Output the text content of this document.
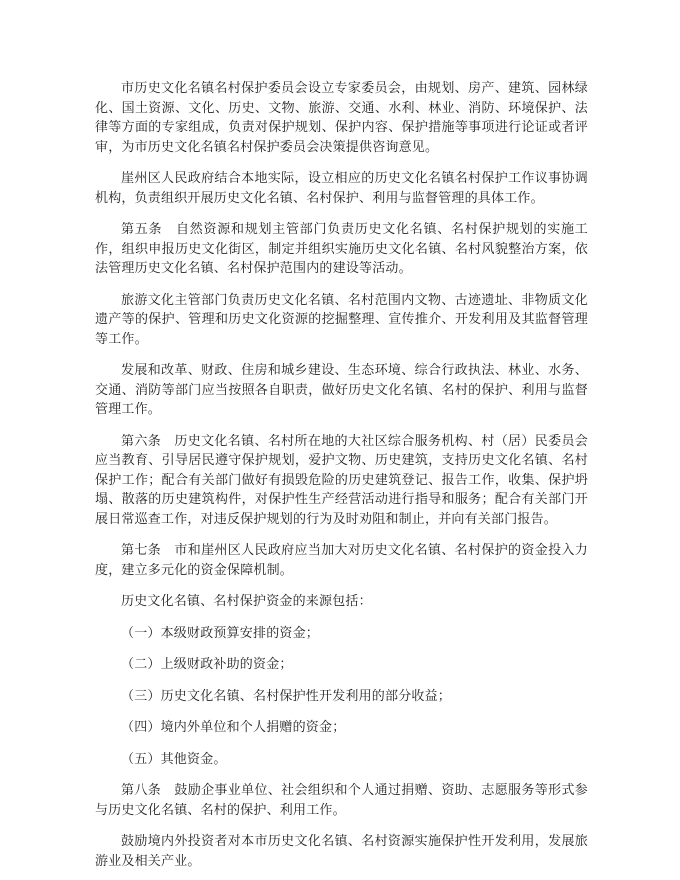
市历史文化名镇名村保护委员会设立专家委员会，由规划、房产、建筑、园林绿化、国土资源、文化、历史、文物、旅游、交通、水利、林业、消防、环境保护、法律等方面的专家组成，负责对保护规划、保护内容、保护措施等事项进行论证或者评审，为市历史文化名镇名村保护委员会决策提供咨询意见。

崖州区人民政府结合本地实际，设立相应的历史文化名镇名村保护工作议事协调机构，负责组织开展历史文化名镇、名村保护、利用与监督管理的具体工作。

第五条　自然资源和规划主管部门负责历史文化名镇、名村保护规划的实施工作，组织申报历史文化街区，制定并组织实施历史文化名镇、名村风貌整治方案，依法管理历史文化名镇、名村保护范围内的建设等活动。

旅游文化主管部门负责历史文化名镇、名村范围内文物、古迹遗址、非物质文化遗产等的保护、管理和历史文化资源的挖掘整理、宣传推介、开发利用及其监督管理等工作。

发展和改革、财政、住房和城乡建设、生态环境、综合行政执法、林业、水务、交通、消防等部门应当按照各自职责，做好历史文化名镇、名村的保护、利用与监督管理工作。

第六条　历史文化名镇、名村所在地的大社区综合服务机构、村（居）民委员会应当教育、引导居民遵守保护规划，爱护文物、历史建筑，支持历史文化名镇、名村保护工作；配合有关部门做好有损毁危险的历史建筑登记、报告工作，收集、保护坍塌、散落的历史建筑构件，对保护性生产经营活动进行指导和服务；配合有关部门开展日常巡查工作，对违反保护规划的行为及时劝阻和制止，并向有关部门报告。

第七条　市和崖州区人民政府应当加大对历史文化名镇、名村保护的资金投入力度，建立多元化的资金保障机制。

历史文化名镇、名村保护资金的来源包括：

（一）本级财政预算安排的资金；

（二）上级财政补助的资金；

（三）历史文化名镇、名村保护性开发利用的部分收益；

（四）境内外单位和个人捐赠的资金；

（五）其他资金。

第八条　鼓励企事业单位、社会组织和个人通过捐赠、资助、志愿服务等形式参与历史文化名镇、名村的保护、利用工作。

鼓励境内外投资者对本市历史文化名镇、名村资源实施保护性开发利用，发展旅游业及相关产业。
